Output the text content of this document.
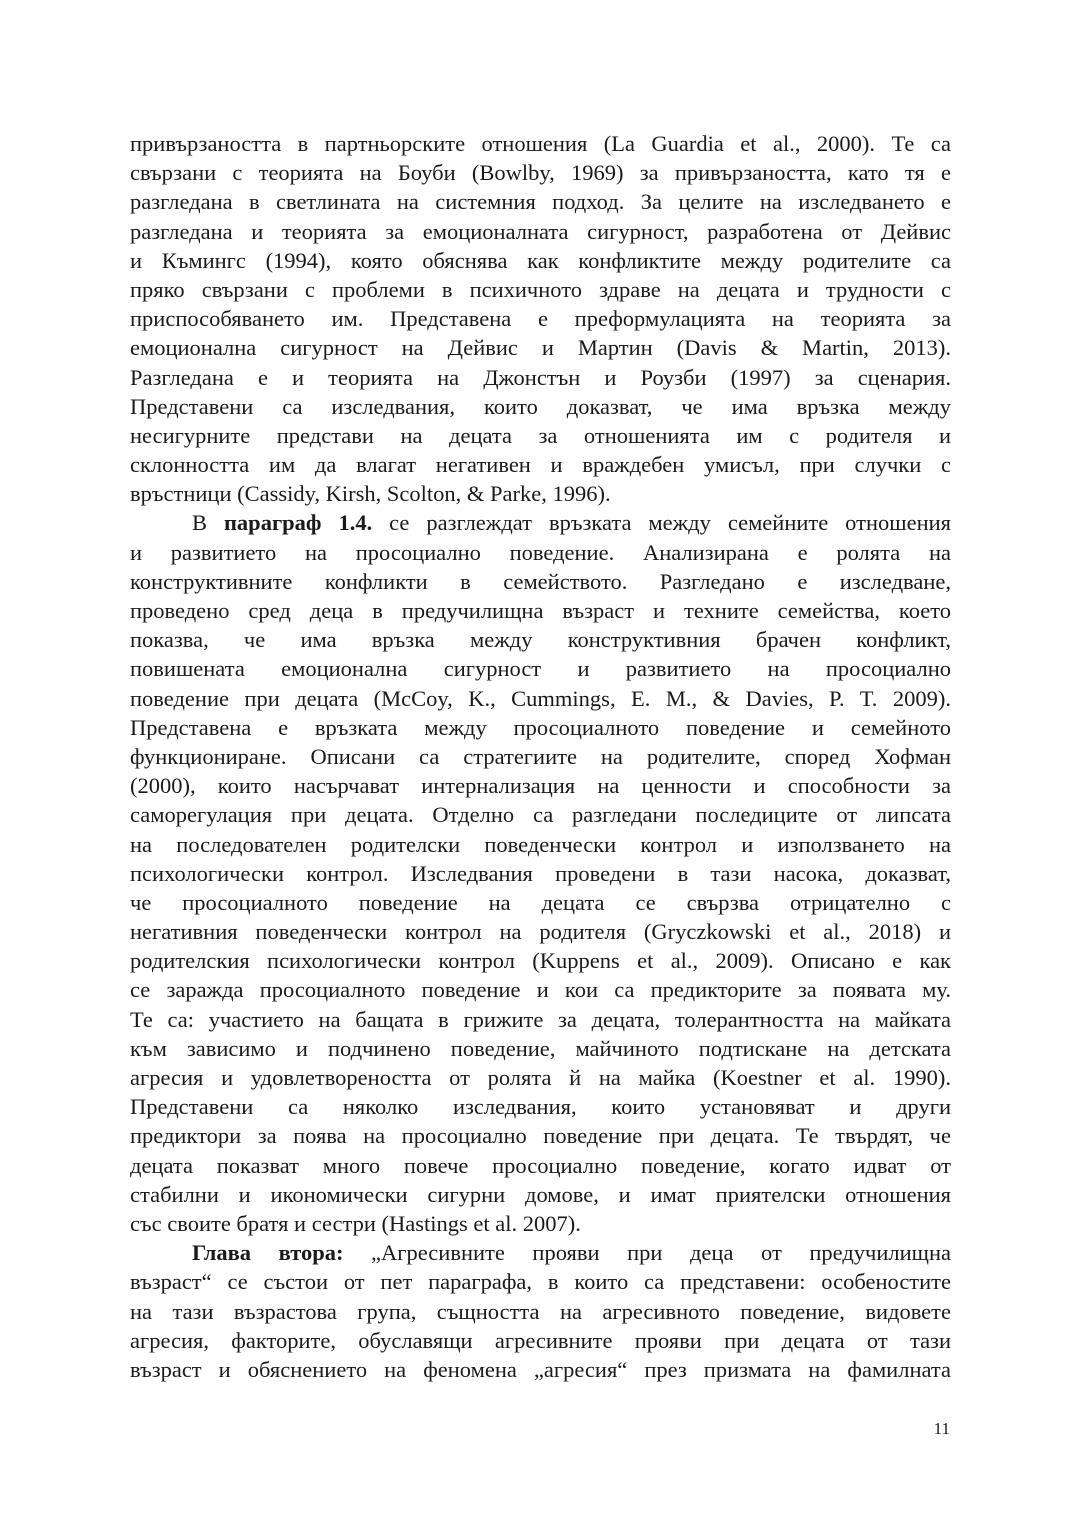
привързаността в партньорските отношения (La Guardia et al., 2000). Те са
свързани с теорията на Боуби (Bowlby, 1969) за привързаността, като тя е
разгледана в светлината на системния подход. За целите на изследването е
разгледана и теорията за емоционалната сигурност, разработена от Дейвис
и Къмингс (1994), която обяснява как конфликтите между родителите са
пряко свързани с проблеми в психичното здраве на децата и трудности с
приспособяването им. Представена е преформулацията на теорията за
емоционална сигурност на Дейвис и Мартин (Davis & Martin, 2013).
Разгледана е и теорията на Джонстън и Роузби (1997) за сценария.
Представени са изследвания, които доказват, че има връзка между
несигурните представи на децата за отношенията им с родителя и
склонността им да влагат негативен и враждебен умисъл, при случки с
връстници (Cassidy, Kirsh, Scolton, & Parke, 1996).
В параграф 1.4. се разглеждат връзката между семейните отношения
и развитието на просоциално поведение. Анализирана е ролята на
конструктивните конфликти в семейството. Разгледано е изследване,
проведено сред деца в предучилищна възраст и техните семейства, което
показва, че има връзка между конструктивния брачен конфликт,
повишената емоционална сигурност и развитието на просоциално
поведение при децата (McCoy, K., Cummings, E. M., & Davies, P. T. 2009).
Представена е връзката между просоциалното поведение и семейното
функциониране. Описани са стратегиите на родителите, според Хофман
(2000), които насърчават интернализация на ценности и способности за
саморегулация при децата. Отделно са разгледани последиците от липсата
на последователен родителски поведенчески контрол и използването на
психологически контрол. Изследвания проведени в тази насока, доказват,
че просоциалното поведение на децата се свързва отрицателно с
негативния поведенчески контрол на родителя (Gryczkowski et al., 2018) и
родителския психологически контрол (Kuppens et al., 2009). Описано е как
се заражда просоциалното поведение и кои са предикторите за появата му.
Те са: участието на бащата в грижите за децата, толерантността на майката
към зависимо и подчинено поведение, майчиното подтискане на детската
агресия и удовлетвореността от ролята й на майка (Koestner et al. 1990).
Представени са няколко изследвания, които установяват и други
предиктори за поява на просоциално поведение при децата. Те твърдят, че
децата показват много повече просоциално поведение, когато идват от
стабилни и икономически сигурни домове, и имат приятелски отношения
със своите братя и сестри (Hastings et al. 2007).
Глава втора: „Агресивните прояви при деца от предучилищна
възраст“ се състои от пет параграфа, в които са представени: особеностите
на тази възрастова група, същността на агресивното поведение, видовете
агресия, факторите, обуславящи агресивните прояви при децата от тази
възраст и обяснението на феномена „агресия“ през призмата на фамилната
11
